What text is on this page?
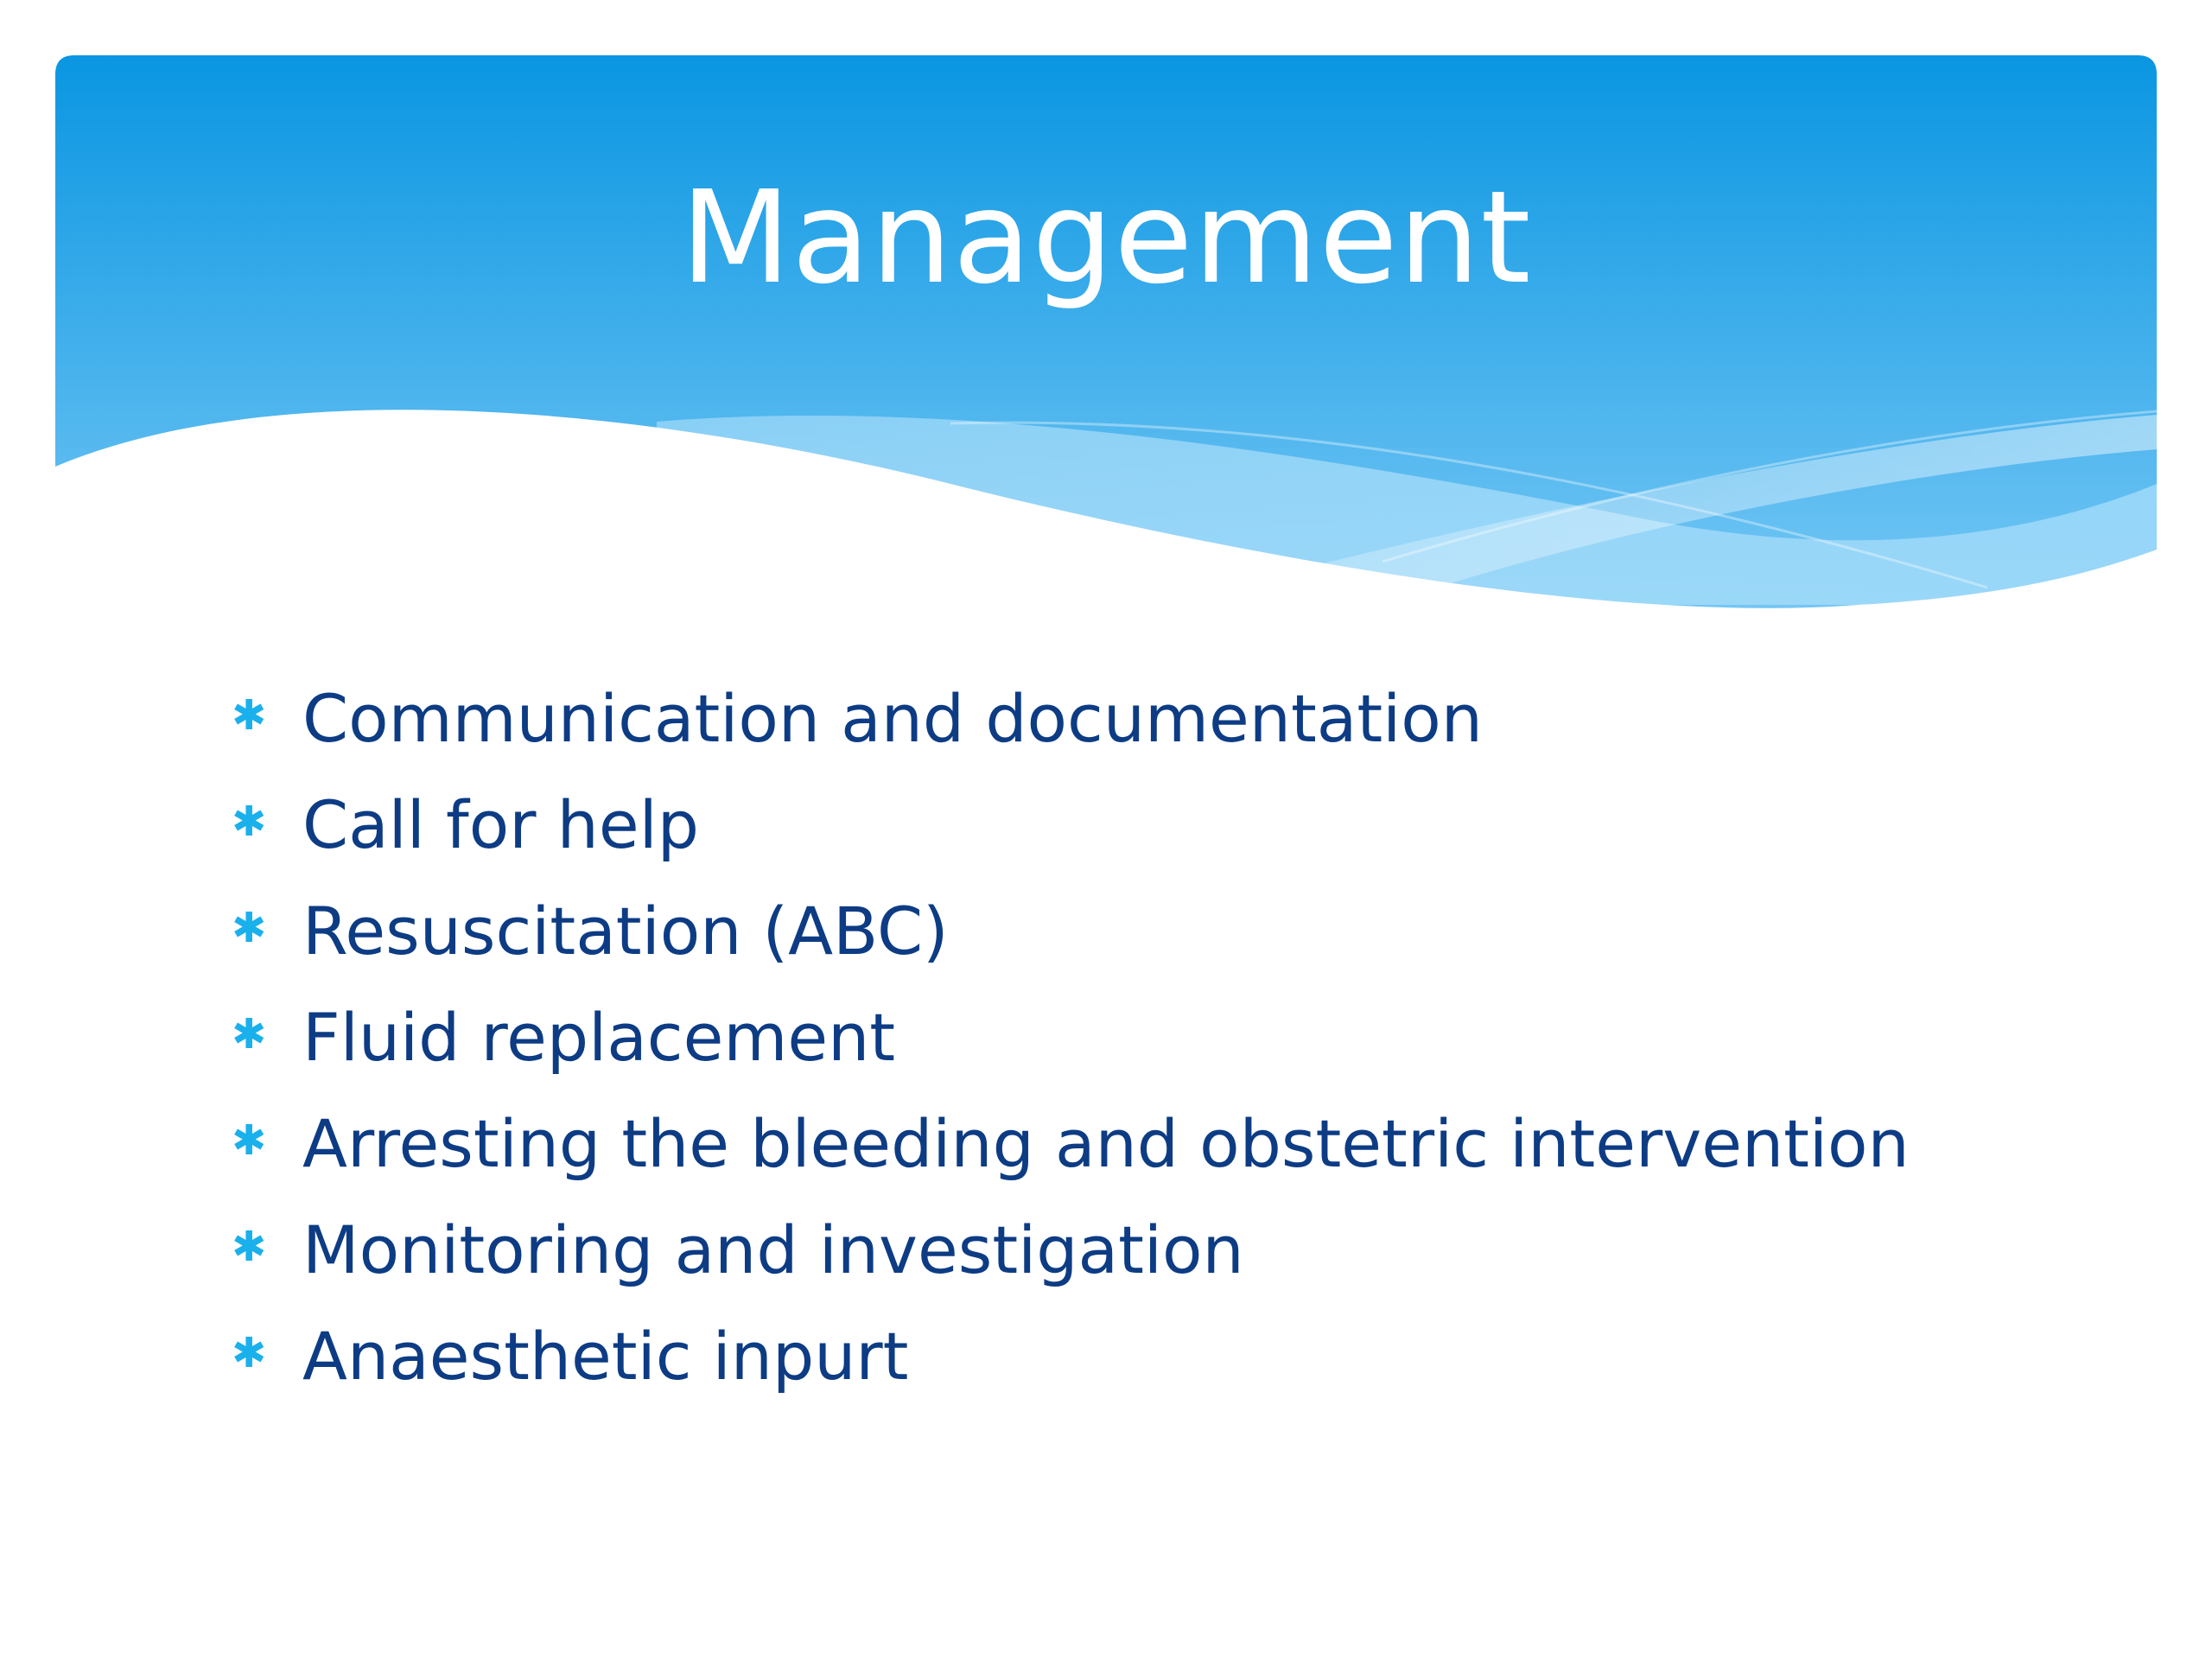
Management
✱ Communication and documentation
✱ Call for help
✱ Resuscitation (ABC)
✱ Fluid replacement
✱ Arresting the bleeding and obstetric intervention
✱ Monitoring and investigation
✱ Anaesthetic inpurt
